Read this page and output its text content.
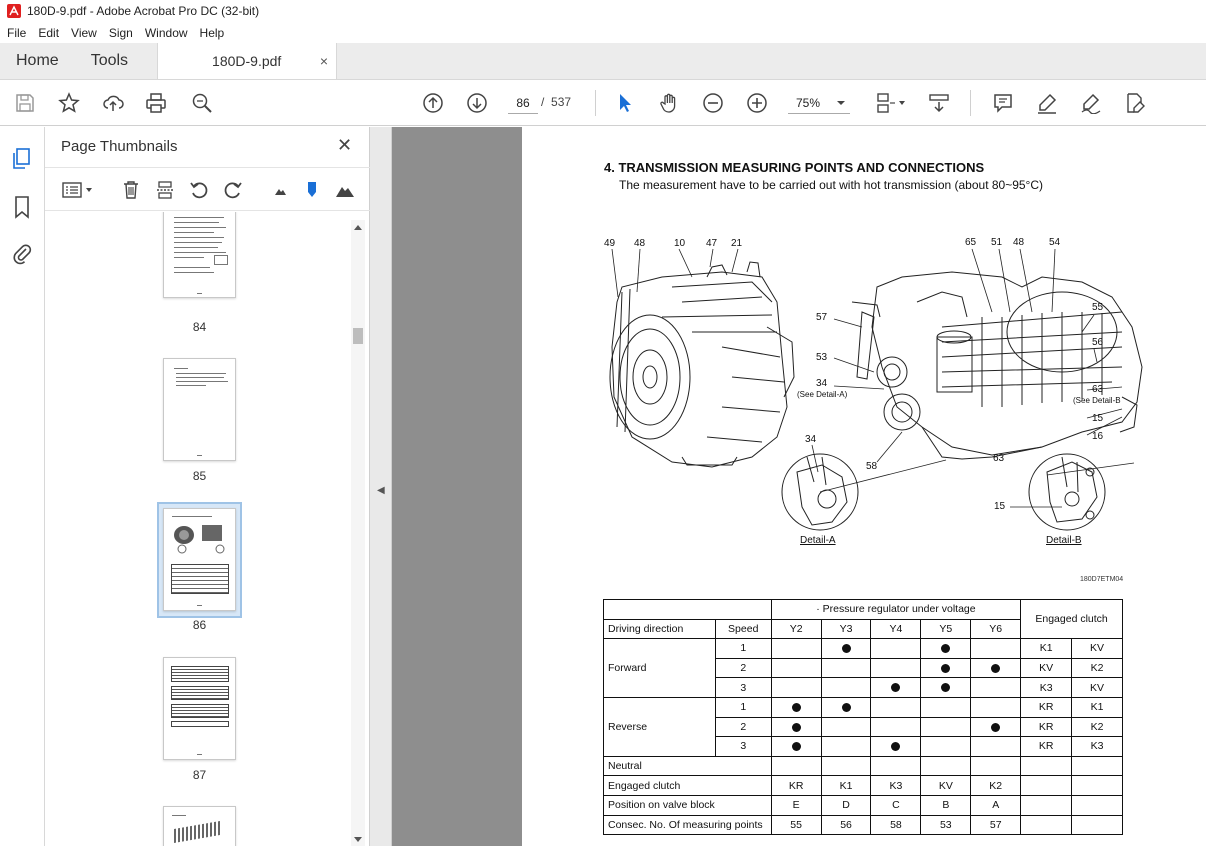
180D-9.pdf - Adobe Acrobat Pro DC (32-bit)
File	Edit	View	Sign	Window	Help
Home	Tools	180D-9.pdf	×
86 / 537	75%
Page Thumbnails	✕
84
85
86
87
◀
4. TRANSMISSION MEASURING POINTS AND CONNECTIONS
The measurement have to be carried out with hot transmission (about 80~95°C)
49 48	10 47 21	65 51 48 54
55
56
57
53
34
(See Detail-A)	63
(See Detail-B
15
16
58
34
63
15
Detail-A	Detail-B
180D7ETM04
		· Pressure regulator under voltage					Engaged clutch	
Driving direction	Speed	Y2	Y3	Y4	Y5	Y6		
Forward	1						K1	KV
	2						KV	K2
	3						K3	KV
Reverse	1						KR	K1
	2						KR	K2
	3						KR	K3
Neutral								
Engaged clutch		KR	K1	K3	KV	K2		
Position on valve block		E	D	C	B	A		
Consec. No. Of measuring points		55	56	58	53	57		
